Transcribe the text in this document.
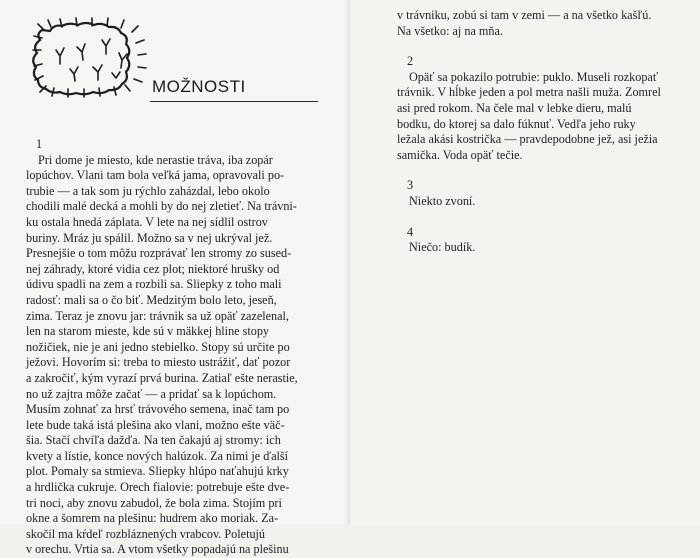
MOŽNOSTI
1
Pri dome je miesto, kde nerastie tráva, iba zopár
lopúchov. Vlani tam bola veľká jama, opravovali po-
trubie — a tak som ju rýchlo zaházdal, lebo okolo
chodili malé decká a mohli by do nej zletieť. Na trávni-
ku ostala hnedá záplata. V lete na nej sídlil ostrov
buriny. Mráz ju spálil. Možno sa v nej ukrýval jež.
Presnejšie o tom môžu rozprávať len stromy zo sused-
nej záhrady, ktoré vidia cez plot; niektoré hrušky od
údivu spadli na zem a rozbili sa. Sliepky z toho mali
radosť: mali sa o čo biť. Medzitým bolo leto, jeseň,
zima. Teraz je znovu jar: trávnik sa už opäť zazelenal,
len na starom mieste, kde sú v mäkkej hline stopy
nožičiek, nie je ani jedno stebielko. Stopy sú určite po
ježovi. Hovorím si: treba to miesto ustrážiť, dať pozor
a zakročiť, kým vyrazí prvá burina. Zatiaľ ešte nerastie,
no už zajtra môže začať — a pridať sa k lopúchom.
Musím zohnať za hrsť trávového semena, inač tam po
lete bude taká istá plešina ako vlani, možno ešte väč-
šia. Stačí chvíľa dažďa. Na ten čakajú aj stromy: ich
kvety a lístie, konce nových halúzok. Za nimi je ďalší
plot. Pomaly sa stmieva. Sliepky hlúpo naťahujú krky
a hrdlička cukruje. Orech fialovie: potrebuje ešte dve-
tri noci, aby znovu zabudol, že bola zima. Stojím pri
okne a šomrem na plešinu: hudrem ako moriak. Za-
skočil ma kŕdeľ rozbláznených vrabcov. Poletujú
v orechu. Vrtia sa. A vtom všetky popadajú na plešinu
v trávniku, zobú si tam v zemi — a na všetko kašľú.
Na všetko: aj na mňa.
2
Opäť sa pokazilo potrubie: puklo. Museli rozkopať
trávnik. V hĺbke jeden a pol metra našli muža. Zomrel
asi pred rokom. Na čele mal v lebke dieru, malú
bodku, do ktorej sa dalo fúknuť. Vedľa jeho ruky
ležala akási kostrička — pravdepodobne jež, asi ježia
samička. Voda opäť tečie.
3
Niekto zvoní.
4
Niečo: budík.
